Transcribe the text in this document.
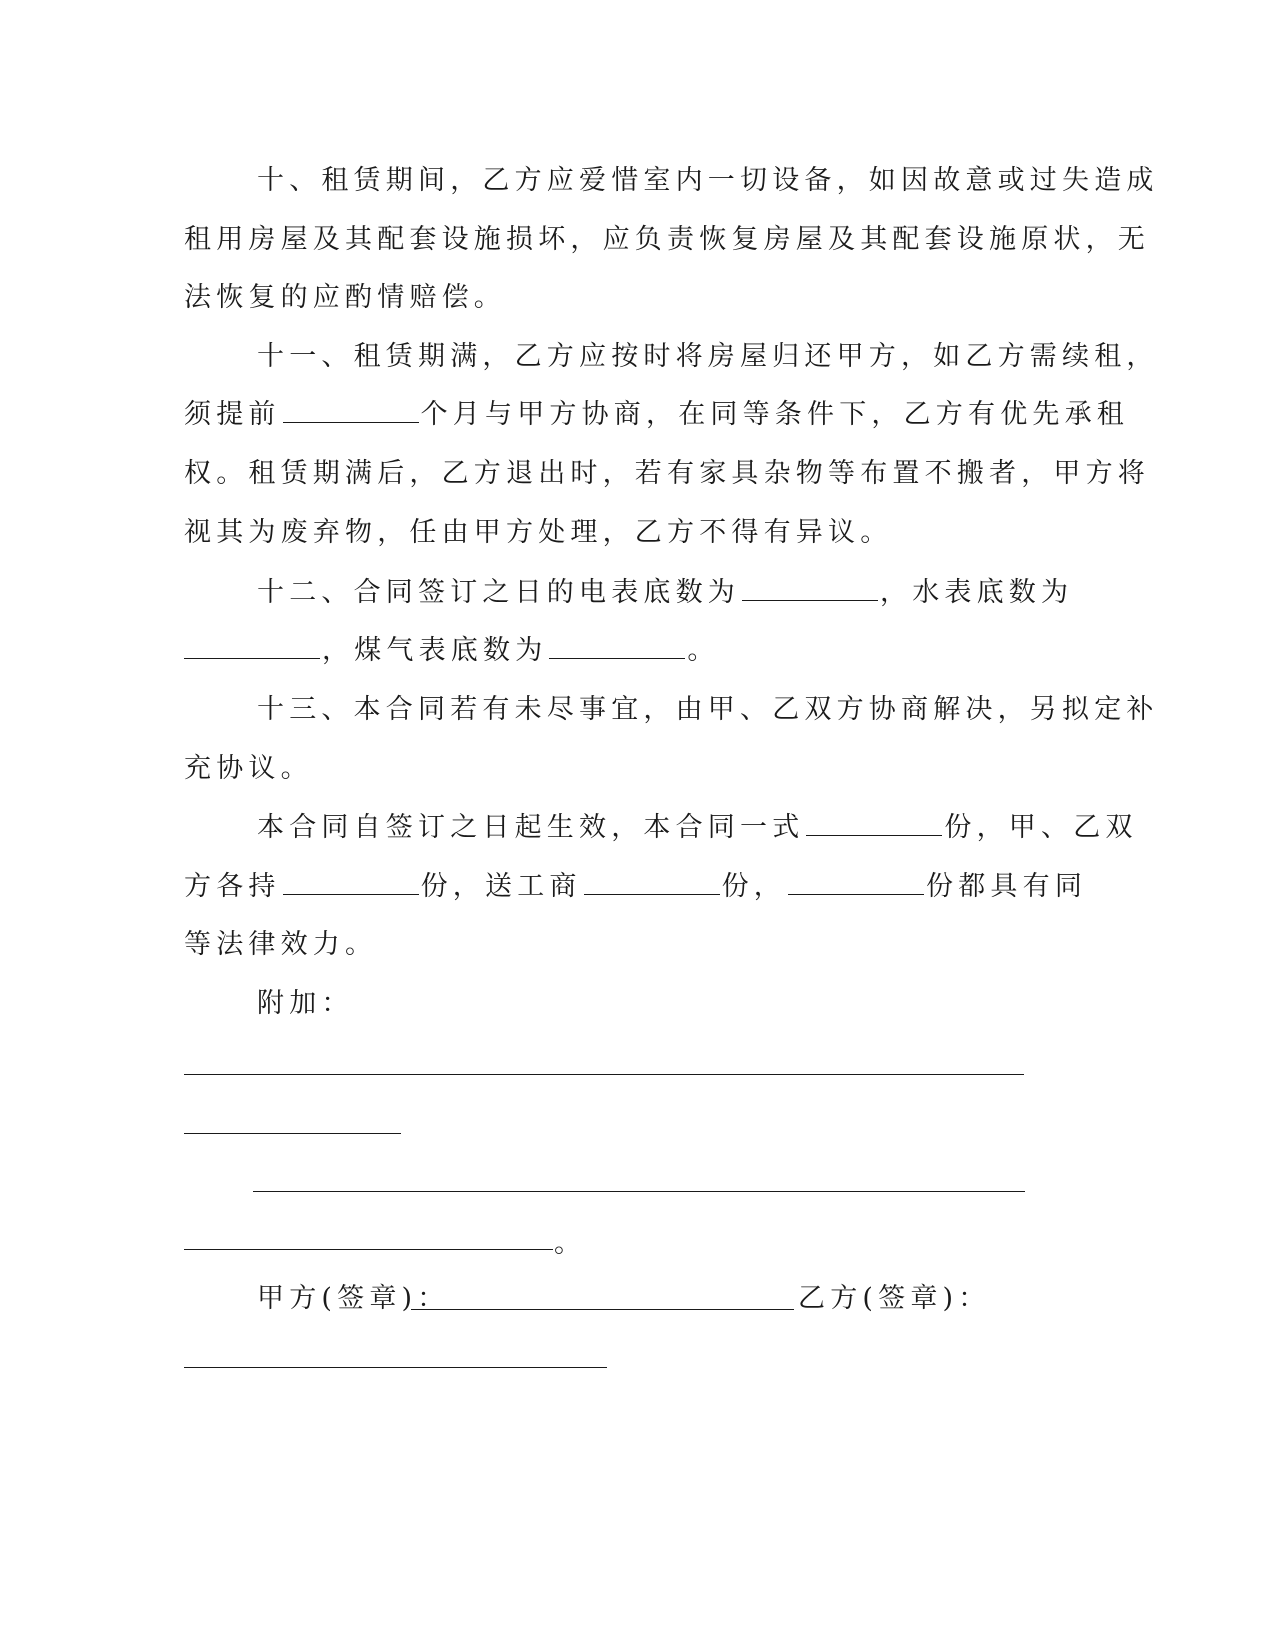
十、租赁期间，乙方应爱惜室内一切设备，如因故意或过失造成
租用房屋及其配套设施损坏，应负责恢复房屋及其配套设施原状，无
法恢复的应酌情赔偿。
十一、租赁期满，乙方应按时将房屋归还甲方，如乙方需续租，
须提前	个月与甲方协商，在同等条件下，乙方有优先承租
权。租赁期满后，乙方退出时，若有家具杂物等布置不搬者，甲方将
视其为废弃物，任由甲方处理，乙方不得有异议。
十二、合同签订之日的电表底数为	，水表底数为
，煤气表底数为	。
十三、本合同若有未尽事宜，由甲、乙双方协商解决，另拟定补
充协议。
本合同自签订之日起生效，本合同一式	份，甲、乙双
方各持	份，送工商	份，	份都具有同
等法律效力。
附加：
。
甲方(签章)：	乙方(签章)：
